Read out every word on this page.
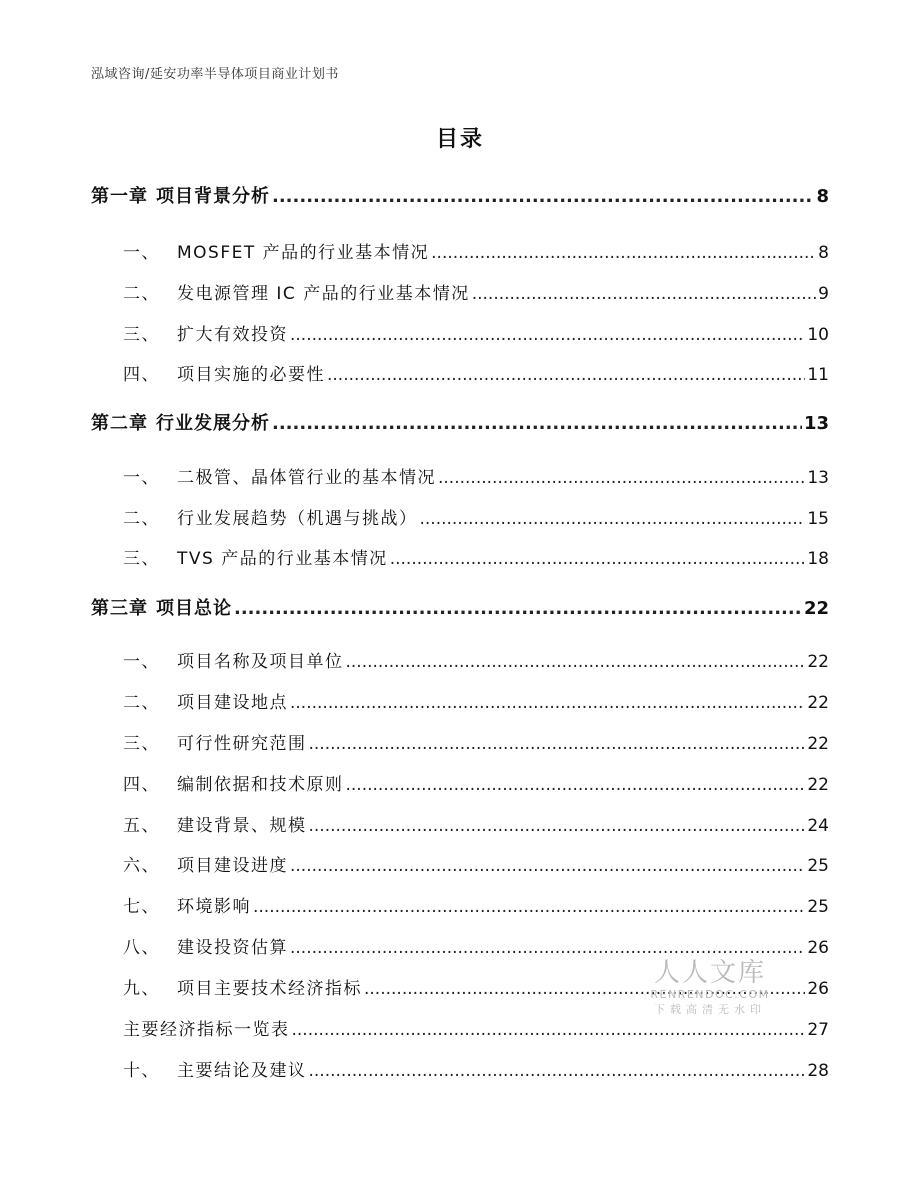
泓域咨询/延安功率半导体项目商业计划书
目录
第一章 项目背景分析 .....	8
一、	MOSFET 产品的行业基本情况 .....	8
二、	发电源管理 IC 产品的行业基本情况 .....	9
三、	扩大有效投资 .....	10
四、	项目实施的必要性 .....	11
第二章 行业发展分析 .....	13
一、	二极管、晶体管行业的基本情况 .....	13
二、	行业发展趋势（机遇与挑战） .....	15
三、	TVS 产品的行业基本情况 .....	18
第三章 项目总论 .....	22
一、	项目名称及项目单位 .....	22
二、	项目建设地点 .....	22
三、	可行性研究范围 .....	22
四、	编制依据和技术原则 .....	22
五、	建设背景、规模 .....	24
六、	项目建设进度 .....	25
七、	环境影响 .....	25
八、	建设投资估算 .....	26
九、	项目主要技术经济指标 .....	26
主要经济指标一览表 .....	27
十、	主要结论及建议 .....	28
人人文库
RENRENDOC.COM
下载高清无水印
